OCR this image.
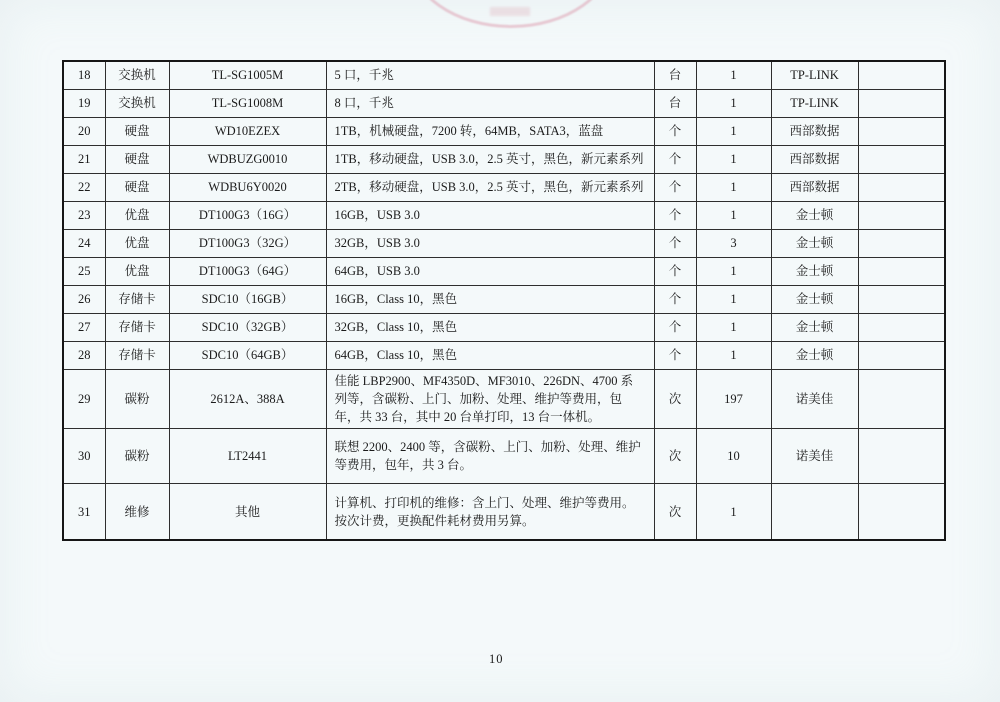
18	交换机	TL-SG1005M	5 口，千兆	台	1	TP-LINK	
19	交换机	TL-SG1008M	8 口，千兆	台	1	TP-LINK	
20	硬盘	WD10EZEX	1TB，机械硬盘，7200 转，64MB，SATA3，蓝盘	个	1	西部数据	
21	硬盘	WDBUZG0010	1TB，移动硬盘，USB 3.0，2.5 英寸，黑色，新元素系列	个	1	西部数据	
22	硬盘	WDBU6Y0020	2TB，移动硬盘，USB 3.0，2.5 英寸，黑色，新元素系列	个	1	西部数据	
23	优盘	DT100G3（16G）	16GB，USB 3.0	个	1	金士顿	
24	优盘	DT100G3（32G）	32GB，USB 3.0	个	3	金士顿	
25	优盘	DT100G3（64G）	64GB，USB 3.0	个	1	金士顿	
26	存储卡	SDC10（16GB）	16GB，Class 10，黑色	个	1	金士顿	
27	存储卡	SDC10（32GB）	32GB，Class 10，黑色	个	1	金士顿	
28	存储卡	SDC10（64GB）	64GB，Class 10，黑色	个	1	金士顿	
29	碳粉	2612A、388A	佳能 LBP2900、MF4350D、MF3010、226DN、4700 系列等，含碳粉、上门、加粉、处理、维护等费用，包年，共 33 台，其中 20 台单打印，13 台一体机。	次	197	诺美佳	
30	碳粉	LT2441	联想 2200、2400 等，含碳粉、上门、加粉、处理、维护等费用，包年，共 3 台。	次	10	诺美佳	
31	维修	其他	计算机、打印机的维修：含上门、处理、维护等费用。按次计费，更换配件耗材费用另算。	次	1		
10
